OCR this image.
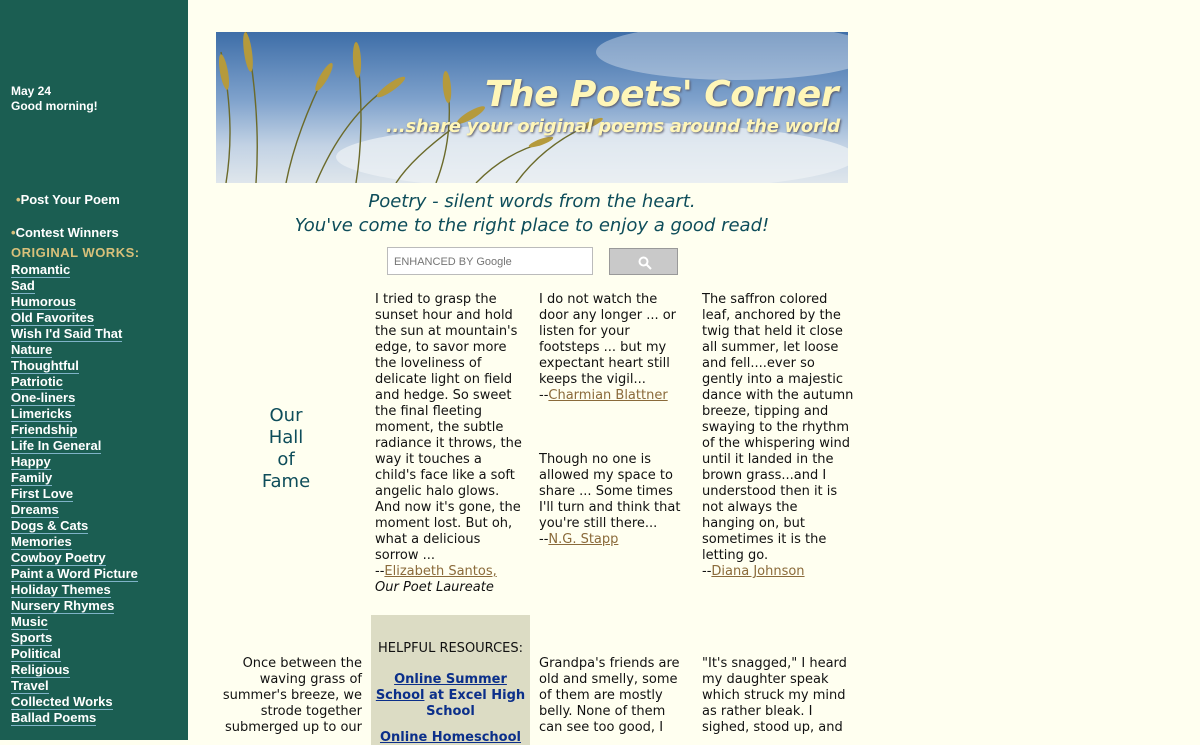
May 24
Good morning!
•Post Your Poem
•Contest Winners
ORIGINAL WORKS:
Romantic
Sad
Humorous
Old Favorites
Wish I'd Said That
Nature
Thoughtful
Patriotic
One-liners
Limericks
Friendship
Life In General
Happy
Family
First Love
Dreams
Dogs & Cats
Memories
Cowboy Poetry
Paint a Word Picture
Holiday Themes
Nursery Rhymes
Music
Sports
Political
Religious
Travel
Collected Works
Ballad Poems
The Poets' Corner
...share your original poems around the world
Poetry - silent words from the heart.
You've come to the right place to enjoy a good read!
ENHANCED BY Google
Our
Hall
of
Fame
I tried to grasp the sunset hour and hold the sun at mountain's edge, to savor more the loveliness of delicate light on field and hedge. So sweet the final fleeting moment, the subtle radiance it throws, the way it touches a child's face like a soft angelic halo glows. And now it's gone, the moment lost. But oh, what a delicious sorrow ...
--Elizabeth Santos,
Our Poet Laureate
I do not watch the door any longer ... or listen for your footsteps ... but my expectant heart still keeps the vigil...
--Charmian Blattner
Though no one is allowed my space to share ... Some times I'll turn and think that you're still there...
--N.G. Stapp
The saffron colored leaf, anchored by the twig that held it close all summer, let loose and fell....ever so gently into a majestic dance with the autumn breeze, tipping and swaying to the rhythm of the whispering wind until it landed in the brown grass...and I understood then it is not always the hanging on, but sometimes it is the letting go.
--Diana Johnson
Once between the waving grass of summer's breeze, we strode together submerged up to our
HELPFUL RESOURCES:
Online Summer School at Excel High School
Online Homeschool
Grandpa's friends are old and smelly, some of them are mostly belly. None of them can see too good, I
"It's snagged," I heard my daughter speak which struck my mind as rather bleak. I sighed, stood up, and
